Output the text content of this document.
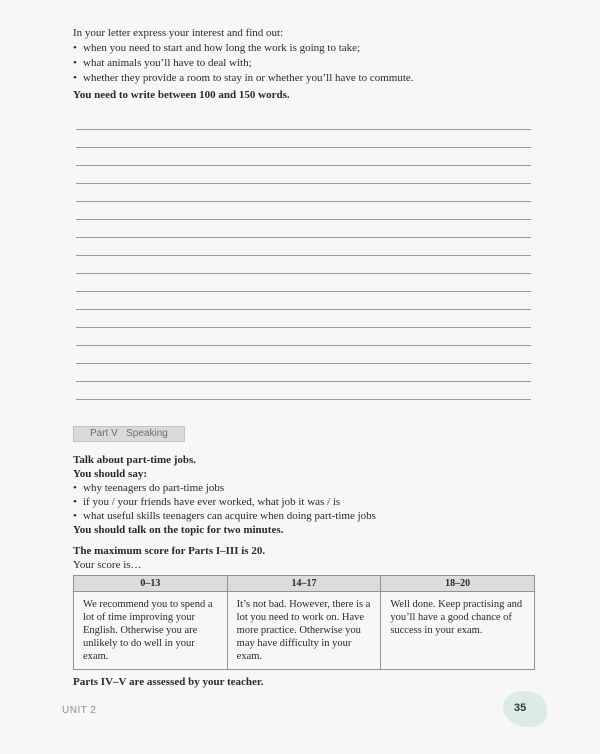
In your letter express your interest and find out:
• when you need to start and how long the work is going to take;
• what animals you’ll have to deal with;
• whether they provide a room to stay in or whether you’ll have to commute.
You need to write between 100 and 150 words.
Part V Speaking
Talk about part-time jobs.
You should say:
• why teenagers do part-time jobs
• if you / your friends have ever worked, what job it was / is
• what useful skills teenagers can acquire when doing part-time jobs
You should talk on the topic for two minutes.
The maximum score for Parts I–III is 20.
Your score is…
0–13	14–17	18–20
We recommend you to spend a lot of time improving your English. Otherwise you are unlikely to do well in your exam.	It’s not bad. However, there is a lot you need to work on. Have more practice. Otherwise you may have difficulty in your exam.	Well done. Keep practising and you’ll have a good chance of success in your exam.
Parts IV–V are assessed by your teacher.
UNIT 2	35
